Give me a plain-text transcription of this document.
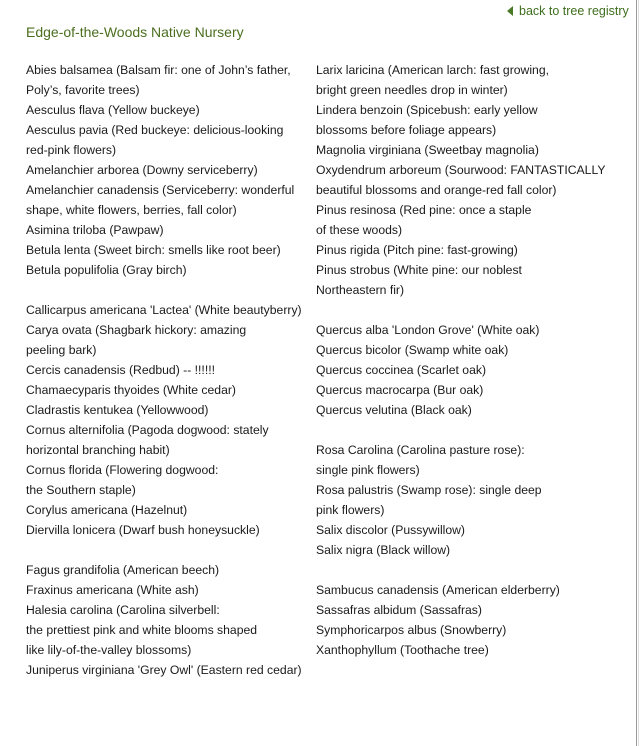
back to tree registry
Edge-of-the-Woods Native Nursery
Abies balsamea (Balsam fir: one of John’s father,
Poly’s, favorite trees)
Aesculus flava (Yellow buckeye)
Aesculus pavia (Red buckeye: delicious-looking
red-pink flowers)
Amelanchier arborea (Downy serviceberry)
Amelanchier canadensis (Serviceberry: wonderful
shape, white flowers, berries, fall color)
Asimina triloba (Pawpaw)
Betula lenta (Sweet birch: smells like root beer)
Betula populifolia (Gray birch)
Callicarpus americana 'Lactea' (White beautyberry)
Carya ovata (Shagbark hickory: amazing
peeling bark)
Cercis canadensis (Redbud) -- !!!!!!
Chamaecyparis thyoides (White cedar)
Cladrastis kentukea (Yellowwood)
Cornus alternifolia (Pagoda dogwood: stately
horizontal branching habit)
Cornus florida (Flowering dogwood:
the Southern staple)
Corylus americana (Hazelnut)
Diervilla lonicera (Dwarf bush honeysuckle)
Fagus grandifolia (American beech)
Fraxinus americana (White ash)
Halesia carolina (Carolina silverbell:
the prettiest pink and white blooms shaped
like lily-of-the-valley blossoms)
Juniperus virginiana 'Grey Owl' (Eastern red cedar)
Larix laricina (American larch: fast growing,
bright green needles drop in winter)
Lindera benzoin (Spicebush: early yellow
blossoms before foliage appears)
Magnolia virginiana (Sweetbay magnolia)
Oxydendrum arboreum (Sourwood: FANTASTICALLY
beautiful blossoms and orange-red fall color)
Pinus resinosa (Red pine: once a staple
of these woods)
Pinus rigida (Pitch pine: fast-growing)
Pinus strobus (White pine: our noblest
Northeastern fir)
Quercus alba 'London Grove' (White oak)
Quercus bicolor (Swamp white oak)
Quercus coccinea (Scarlet oak)
Quercus macrocarpa (Bur oak)
Quercus velutina (Black oak)
Rosa Carolina (Carolina pasture rose):
single pink flowers)
Rosa palustris (Swamp rose): single deep
pink flowers)
Salix discolor (Pussywillow)
Salix nigra (Black willow)
Sambucus canadensis (American elderberry)
Sassafras albidum (Sassafras)
Symphoricarpos albus (Snowberry)
Xanthophyllum (Toothache tree)
